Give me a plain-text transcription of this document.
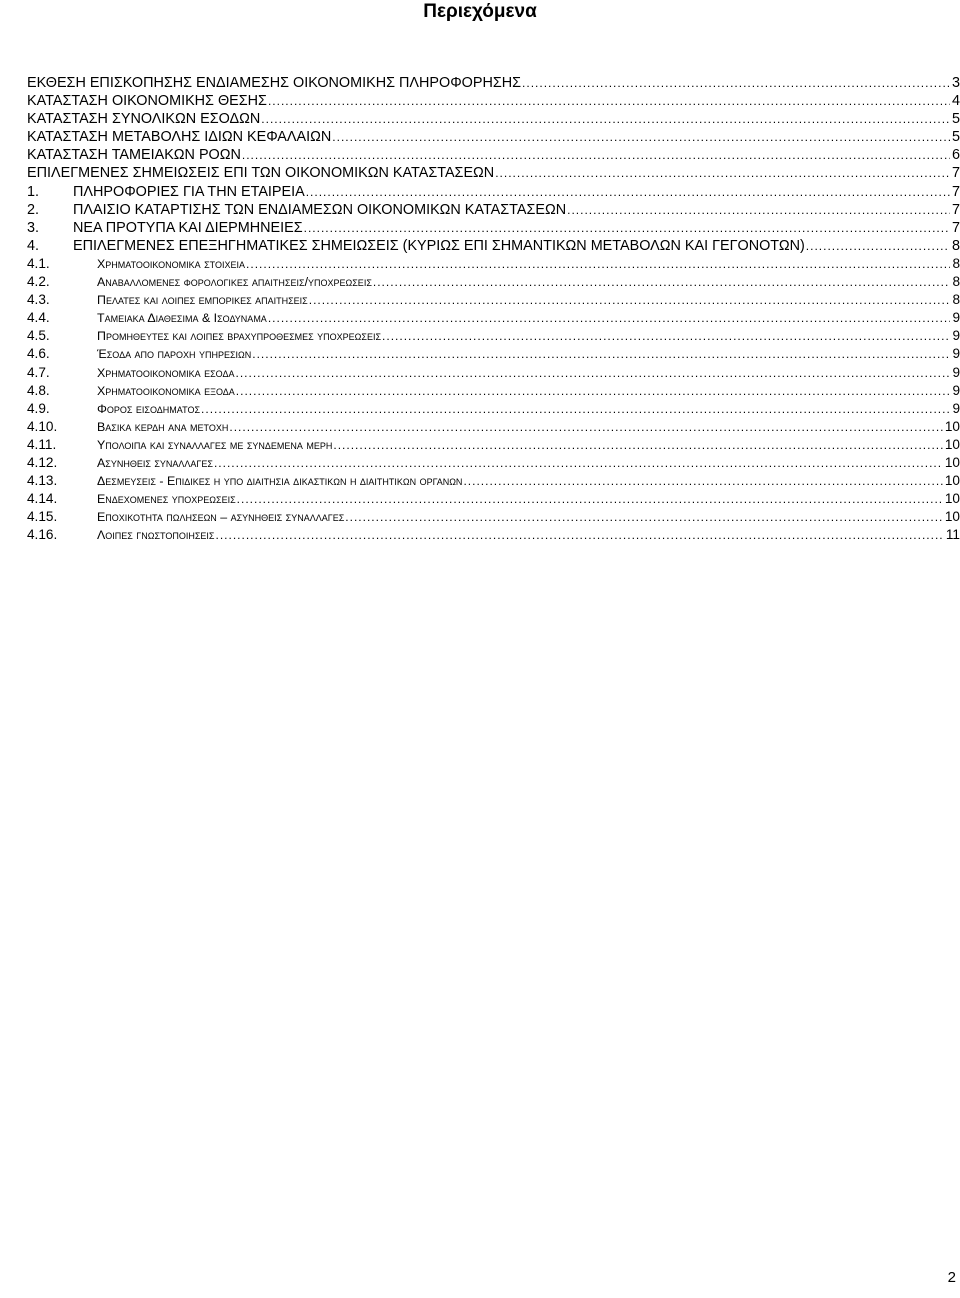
Περιεχόμενα
ΕΚΘΕΣΗ ΕΠΙΣΚΟΠΗΣΗΣ ΕΝΔΙΑΜΕΣΗΣ ΟΙΚΟΝΟΜΙΚΗΣ ΠΛΗΡΟΦΟΡΗΣΗΣ .....	3
ΚΑΤΑΣΤΑΣΗ ΟΙΚΟΝΟΜΙΚΗΣ ΘΕΣΗΣ .....	4
ΚΑΤΑΣΤΑΣΗ ΣΥΝΟΛΙΚΩΝ ΕΣΟΔΩΝ .....	5
ΚΑΤΑΣΤΑΣΗ ΜΕΤΑΒΟΛΗΣ ΙΔΙΩΝ ΚΕΦΑΛΑΙΩΝ .....	5
ΚΑΤΑΣΤΑΣΗ ΤΑΜΕΙΑΚΩΝ ΡΟΩΝ .....	6
ΕΠΙΛΕΓΜΕΝΕΣ ΣΗΜΕΙΩΣΕΙΣ ΕΠΙ ΤΩΝ ΟΙΚΟΝΟΜΙΚΩΝ ΚΑΤΑΣΤΑΣΕΩΝ .....	7
1.	ΠΛΗΡΟΦΟΡΙΕΣ ΓΙΑ ΤΗΝ ΕΤΑΙΡΕΙΑ .....	7
2.	ΠΛΑΙΣΙΟ ΚΑΤΑΡΤΙΣΗΣ ΤΩΝ ΕΝΔΙΑΜΕΣΩΝ ΟΙΚΟΝΟΜΙΚΩΝ ΚΑΤΑΣΤΑΣΕΩΝ .....	7
3.	ΝΕΑ ΠΡΟΤΥΠΑ ΚΑΙ ΔΙΕΡΜΗΝΕΙΕΣ .....	7
4.	ΕΠΙΛΕΓΜΕΝΕΣ ΕΠΕΞΗΓΗΜΑΤΙΚΕΣ ΣΗΜΕΙΩΣΕΙΣ (ΚΥΡΙΩΣ ΕΠΙ ΣΗΜΑΝΤΙΚΩΝ ΜΕΤΑΒΟΛΩΝ ΚΑΙ ΓΕΓΟΝΟΤΩΝ) .....	8
4.1.	Χρηματοοικονομικα στοιχεια .....	8
4.2.	Αναβαλλομενες φορολογικες απαιτησεις/υποχρεωσεις .....	8
4.3.	Πελατες και λοιπες εμπορικες απαιτησεις .....	8
4.4.	Ταμειακα Διαθεσιμα & Ισοδυναμα .....	9
4.5.	Προμηθευτες και λοιπες βραχυπροθεσμες υποχρεωσεις .....	9
4.6.	Έσοδα απο παροχη υπηρεσιων .....	9
4.7.	Χρηματοοικονομικα εσοδα .....	9
4.8.	Χρηματοοικονομικα εξοδα .....	9
4.9.	Φορος εισοδηματος .....	9
4.10.	Βασικα κερδη ανα μετοχη .....	10
4.11.	Υπολοιπα και συναλλαγες με συνδεμενα μερη .....	10
4.12.	Ασυνηθεις συναλλαγες .....	10
4.13.	Δεσμευσεις - Επιδικες η υπο διαιτησια δικαστικων η διαιτητικων οργανων .....	10
4.14.	Ενδεχομενες υποχρεωσεις .....	10
4.15.	Εποχικοτητα πωλησεων – ασυνηθεις συναλλαγες .....	10
4.16.	Λοιπες γνωστοποιησεις .....	11
2
